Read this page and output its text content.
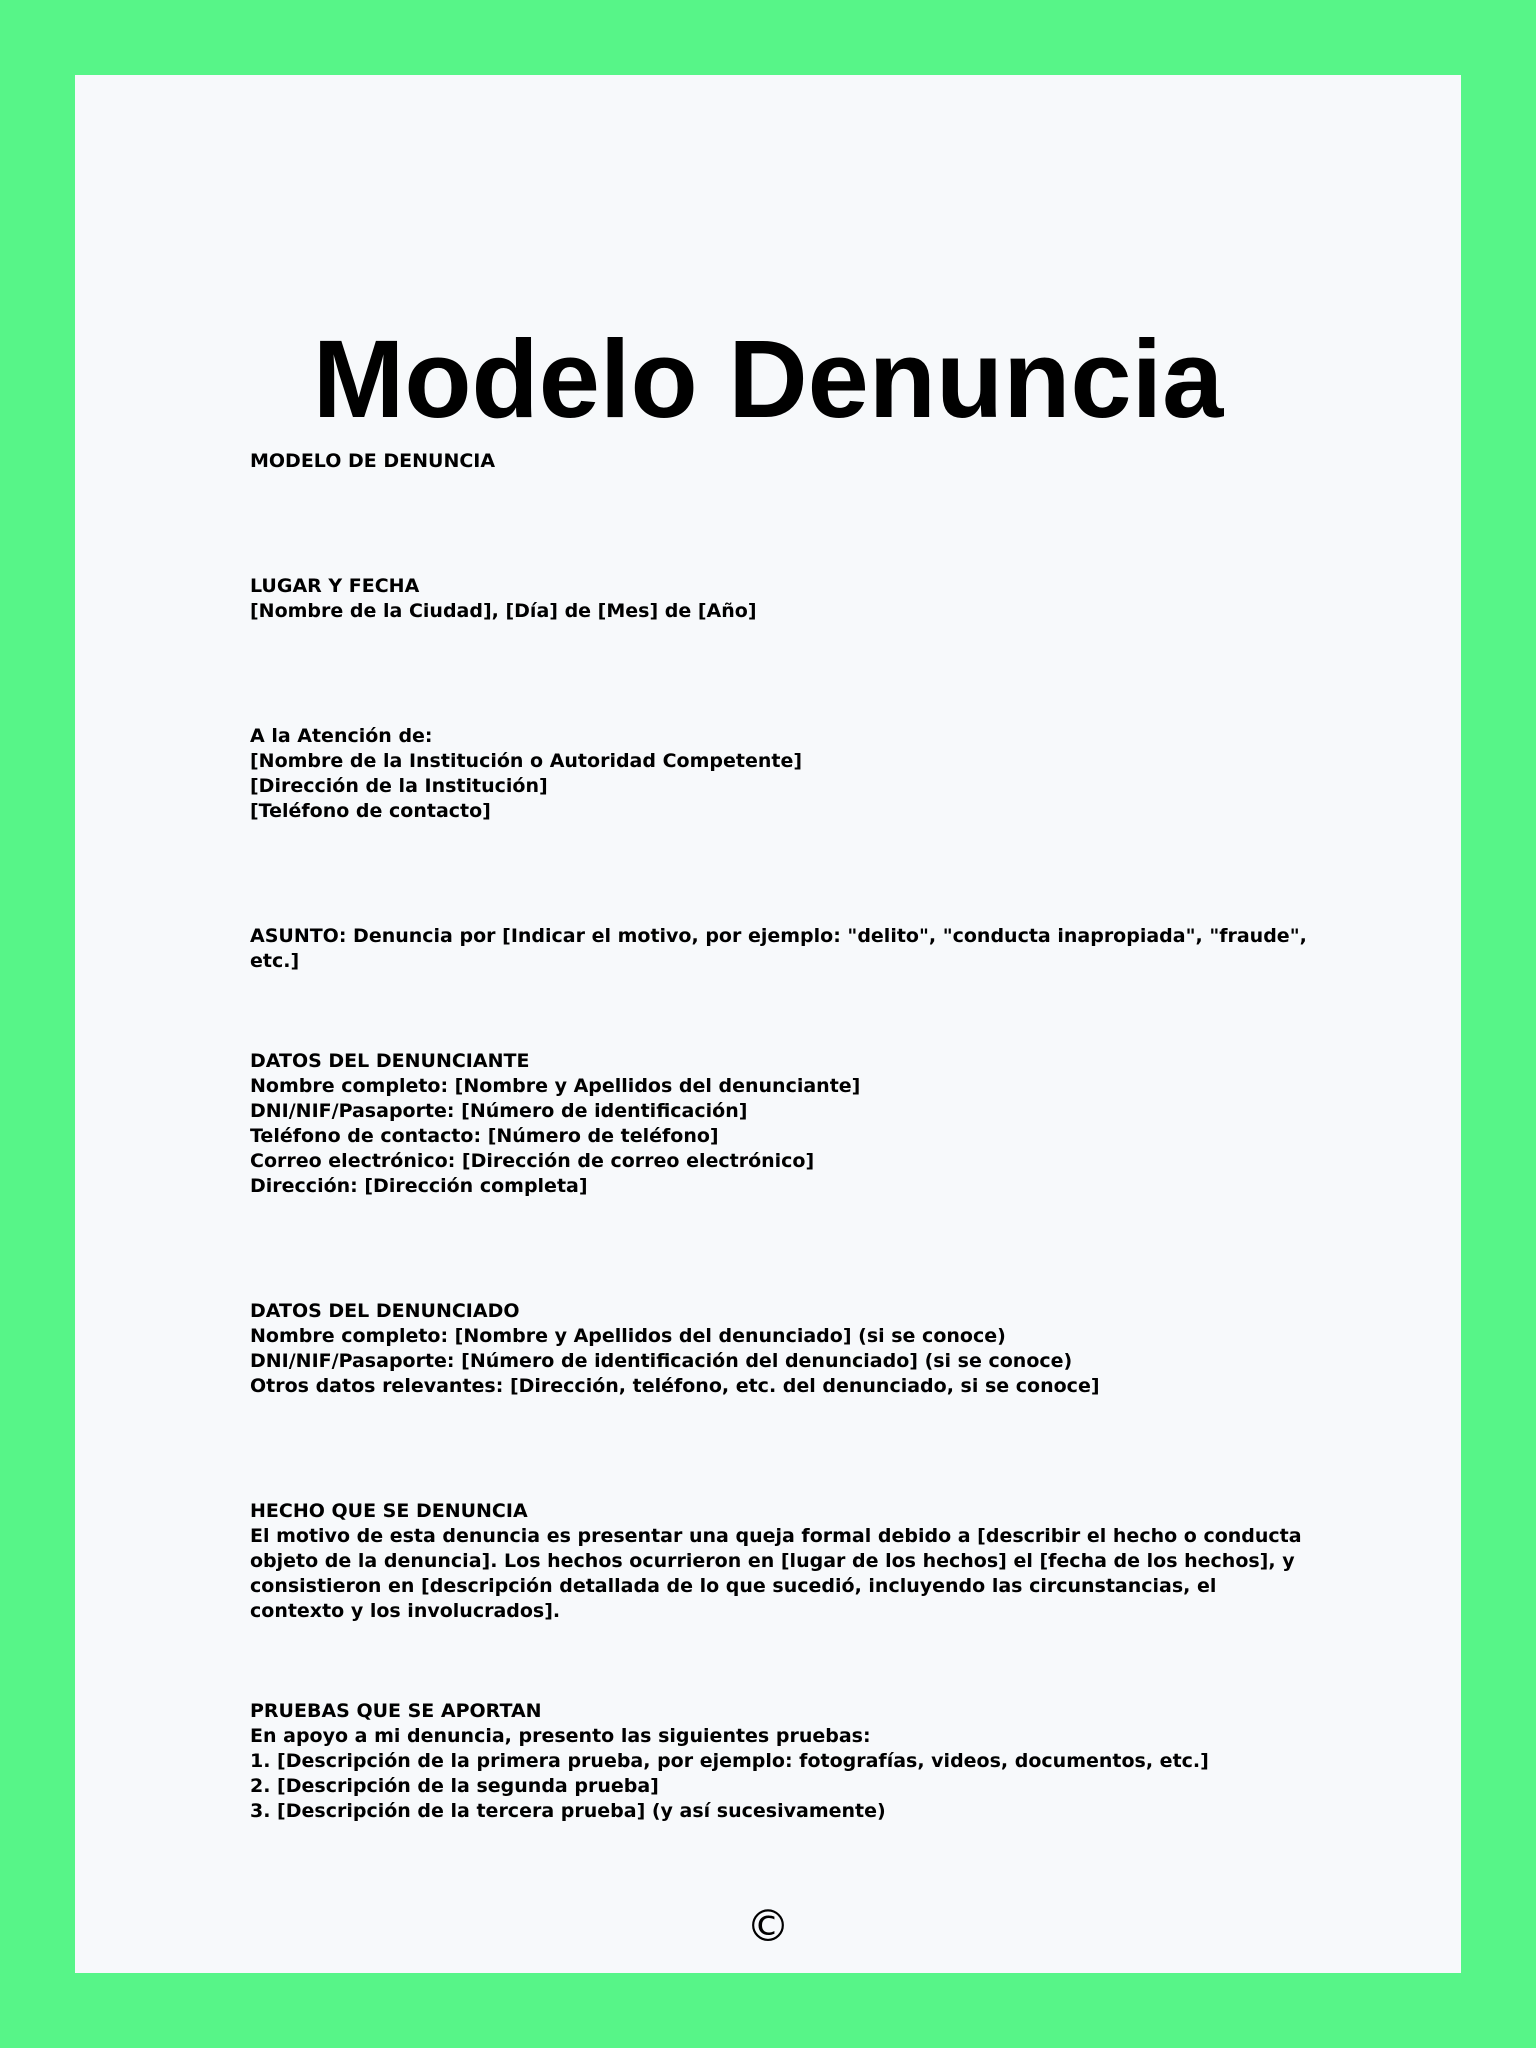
Modelo Denuncia

MODELO DE DENUNCIA

LUGAR Y FECHA

[Nombre de la Ciudad], [Día] de [Mes] de [Año]

A la Atención de:

[Nombre de la Institución o Autoridad Competente]

[Dirección de la Institución]

[Teléfono de contacto]

ASUNTO: Denuncia por [Indicar el motivo, por ejemplo: "delito", "conducta inapropiada", "fraude", etc.]

DATOS DEL DENUNCIANTE

Nombre completo: [Nombre y Apellidos del denunciante]

DNI/NIF/Pasaporte: [Número de identificación]

Teléfono de contacto: [Número de teléfono]

Correo electrónico: [Dirección de correo electrónico]

Dirección: [Dirección completa]

DATOS DEL DENUNCIADO

Nombre completo: [Nombre y Apellidos del denunciado] (si se conoce)

DNI/NIF/Pasaporte: [Número de identificación del denunciado] (si se conoce)

Otros datos relevantes: [Dirección, teléfono, etc. del denunciado, si se conoce]

HECHO QUE SE DENUNCIA

El motivo de esta denuncia es presentar una queja formal debido a [describir el hecho o conducta objeto de la denuncia]. Los hechos ocurrieron en [lugar de los hechos] el [fecha de los hechos], y consistieron en [descripción detallada de lo que sucedió, incluyendo las circunstancias, el contexto y los involucrados].

PRUEBAS QUE SE APORTAN

En apoyo a mi denuncia, presento las siguientes pruebas:

1. [Descripción de la primera prueba, por ejemplo: fotografías, videos, documentos, etc.]

2. [Descripción de la segunda prueba]

3. [Descripción de la tercera prueba] (y así sucesivamente)

©
